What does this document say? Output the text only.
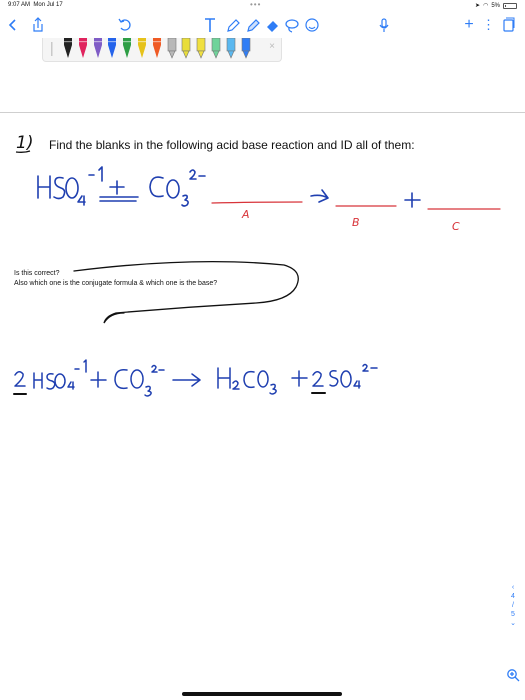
9:07 AM Mon Jul 17	•••	➤ ◠ 5%
+ ⋮
×
Find the blanks in the following acid base reaction and ID all of them:
Is this correct?
Also which one is the conjugate formula & which one is the base?
1)
A
B	C
‹
4
/
5
⌄
